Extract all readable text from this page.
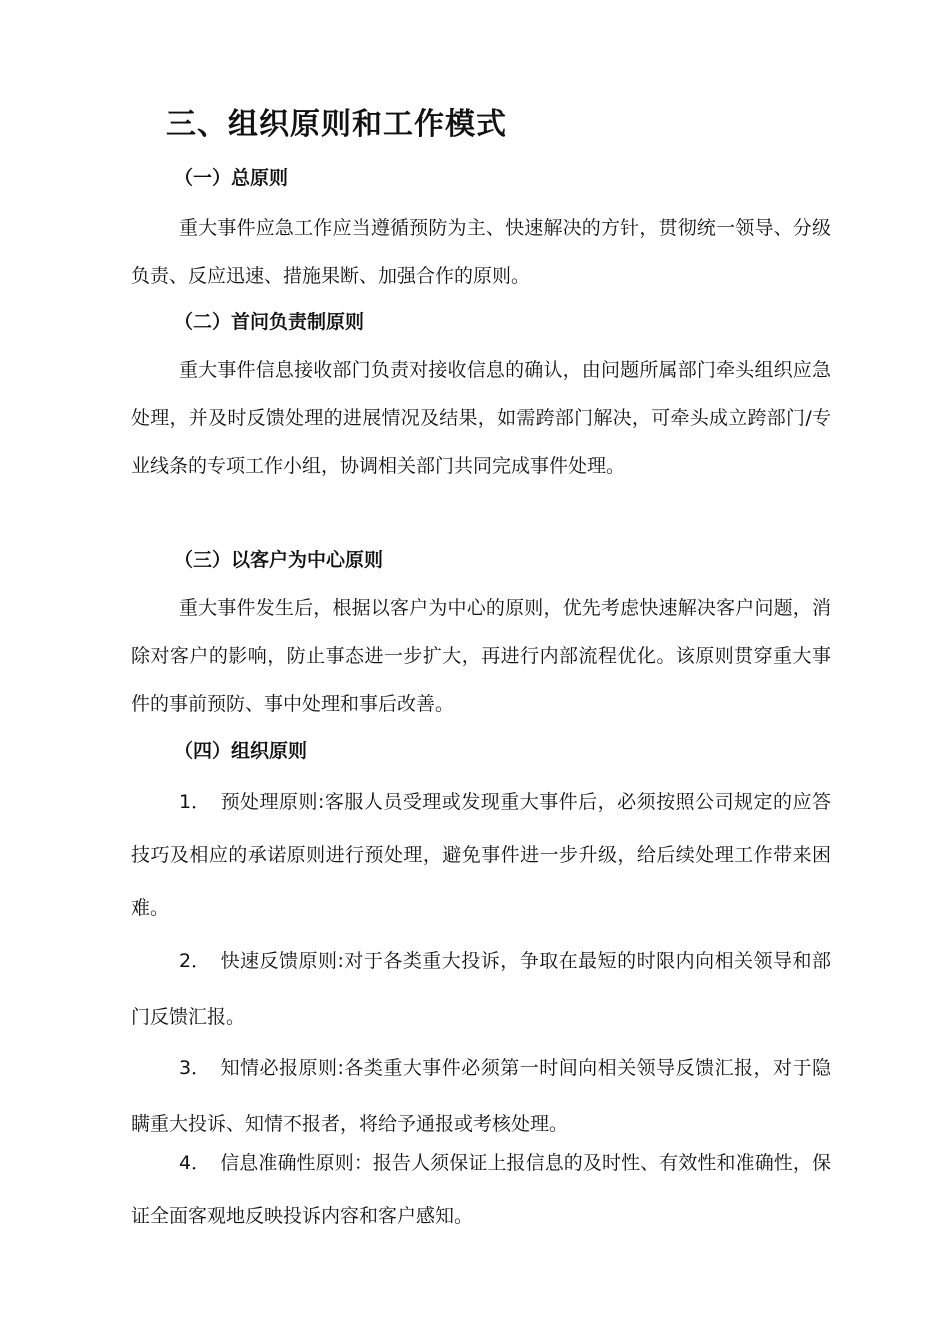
三、组织原则和工作模式
（一）总原则

重大事件应急工作应当遵循预防为主、快速解决的方针，贯彻统一领导、分级负责、反应迅速、措施果断、加强合作的原则。

（二）首问负责制原则

重大事件信息接收部门负责对接收信息的确认，由问题所属部门牵头组织应急处理，并及时反馈处理的进展情况及结果，如需跨部门解决，可牵头成立跨部门/专业线条的专项工作小组，协调相关部门共同完成事件处理。

（三）以客户为中心原则

重大事件发生后，根据以客户为中心的原则，优先考虑快速解决客户问题，消除对客户的影响，防止事态进一步扩大，再进行内部流程优化。该原则贯穿重大事件的事前预防、事中处理和事后改善。

（四）组织原则

1． 预处理原则:客服人员受理或发现重大事件后，必须按照公司规定的应答技巧及相应的承诺原则进行预处理，避免事件进一步升级，给后续处理工作带来困难。

2． 快速反馈原则:对于各类重大投诉，争取在最短的时限内向相关领导和部门反馈汇报。

3． 知情必报原则:各类重大事件必须第一时间向相关领导反馈汇报，对于隐瞒重大投诉、知情不报者，将给予通报或考核处理。

4． 信息准确性原则：报告人须保证上报信息的及时性、有效性和准确性，保证全面客观地反映投诉内容和客户感知。
